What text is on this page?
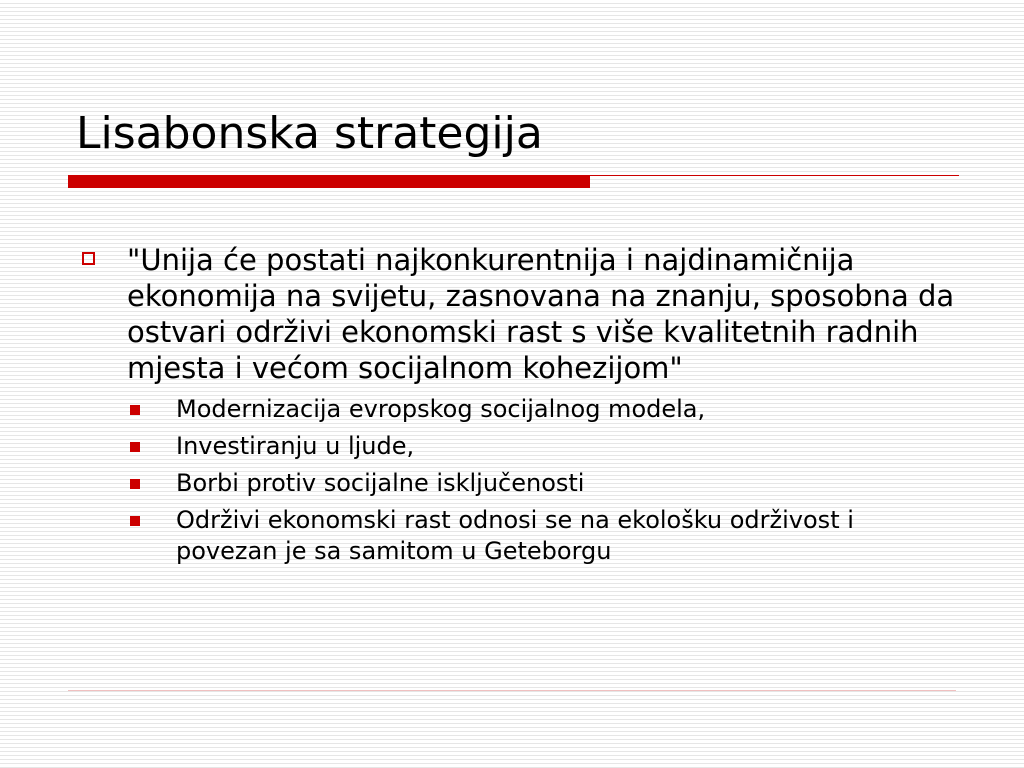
Lisabonska strategija
"Unija će postati najkonkurentnija i najdinamičnija ekonomija na svijetu, zasnovana na znanju, sposobna da ostvari održivi ekonomski rast s više kvalitetnih radnih mjesta i većom socijalnom kohezijom"
Modernizacija evropskog socijalnog modela,
Investiranju u ljude,
Borbi protiv socijalne isključenosti
Održivi ekonomski rast odnosi se na ekološku održivost i povezan je sa samitom u Geteborgu
